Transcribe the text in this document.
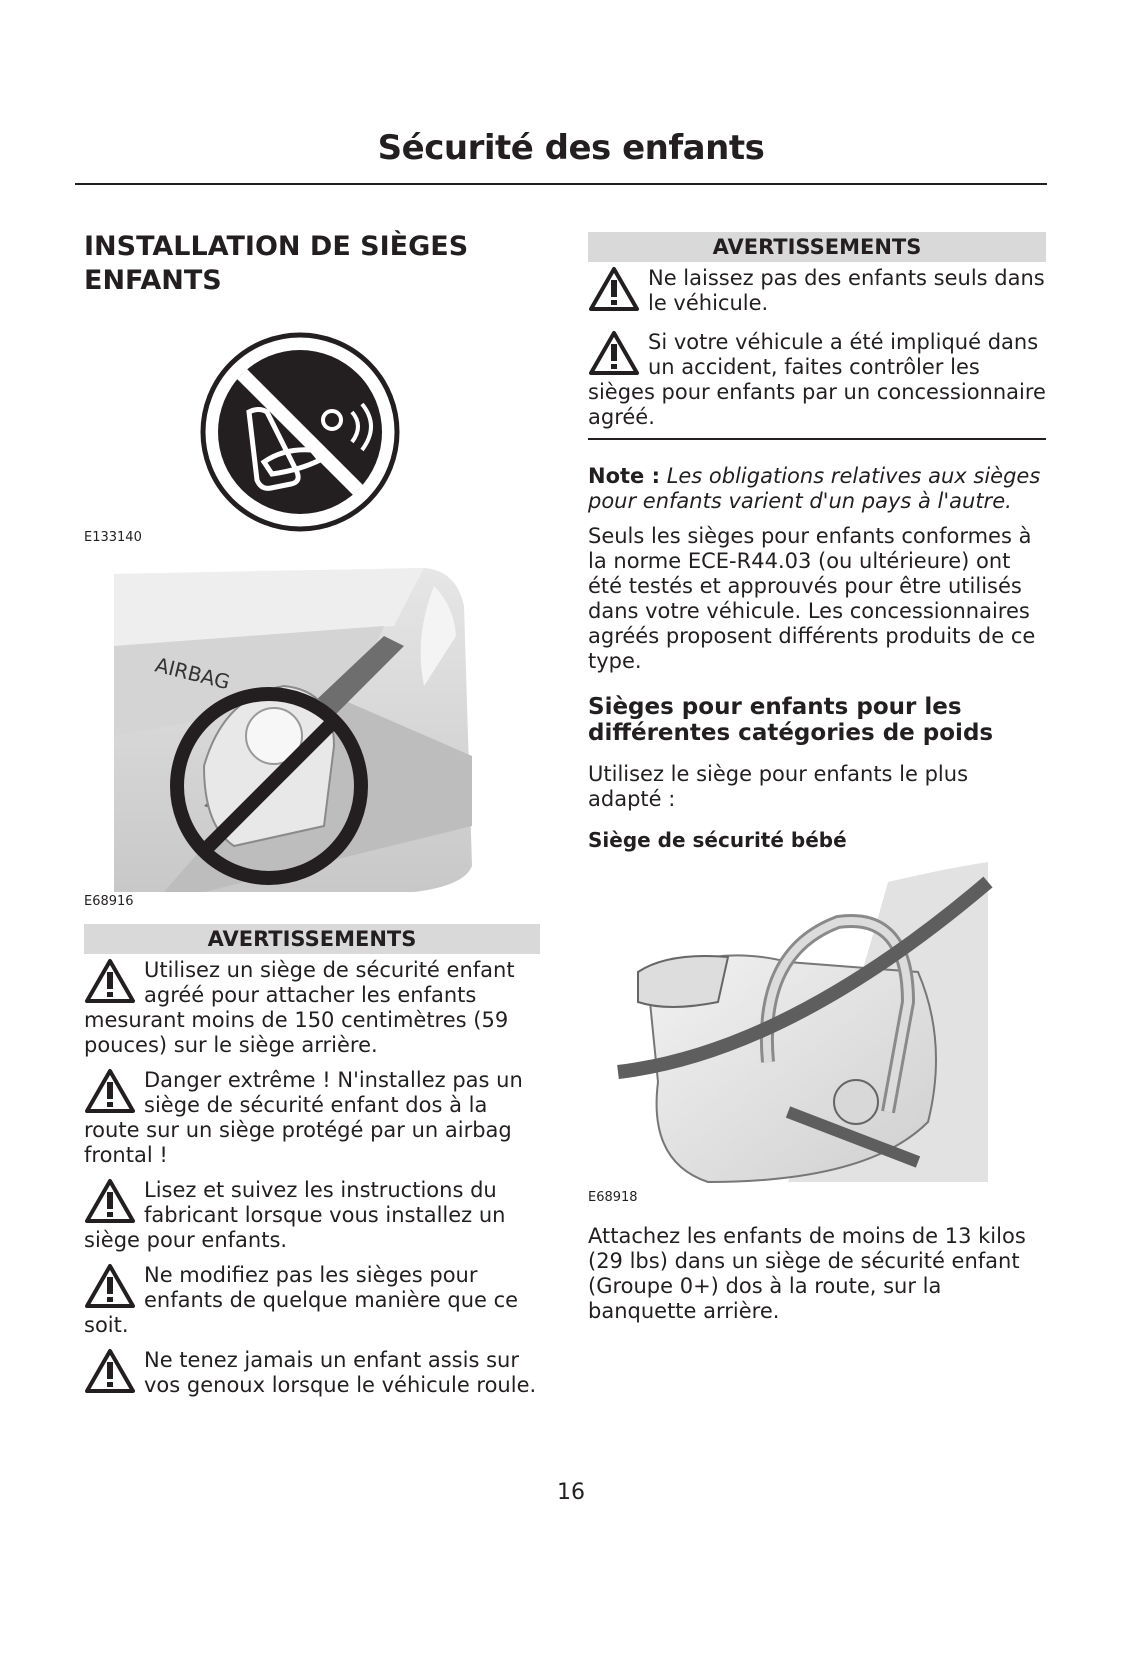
Sécurité des enfants
INSTALLATION DE SIÈGES ENFANTS
E133140
AIRBAG
E68916
AVERTISSEMENTS
Utilisez un siège de sécurité enfant agréé pour attacher les enfants mesurant moins de 150 centimètres (59 pouces) sur le siège arrière.
Danger extrême ! N'installez pas un siège de sécurité enfant dos à la route sur un siège protégé par un airbag frontal !
Lisez et suivez les instructions du fabricant lorsque vous installez un siège pour enfants.
Ne modifiez pas les sièges pour enfants de quelque manière que ce soit.
Ne tenez jamais un enfant assis sur vos genoux lorsque le véhicule roule.
AVERTISSEMENTS
Ne laissez pas des enfants seuls dans le véhicule.
Si votre véhicule a été impliqué dans un accident, faites contrôler les sièges pour enfants par un concessionnaire agréé.

Note : Les obligations relatives aux sièges pour enfants varient d'un pays à l'autre.

Seuls les sièges pour enfants conformes à la norme ECE-R44.03 (ou ultérieure) ont été testés et approuvés pour être utilisés dans votre véhicule. Les concessionnaires agréés proposent différents produits de ce type.

Sièges pour enfants pour les différentes catégories de poids

Utilisez le siège pour enfants le plus adapté :

Siège de sécurité bébé
E68918

Attachez les enfants de moins de 13 kilos (29 lbs) dans un siège de sécurité enfant (Groupe 0+) dos à la route, sur la banquette arrière.

16
